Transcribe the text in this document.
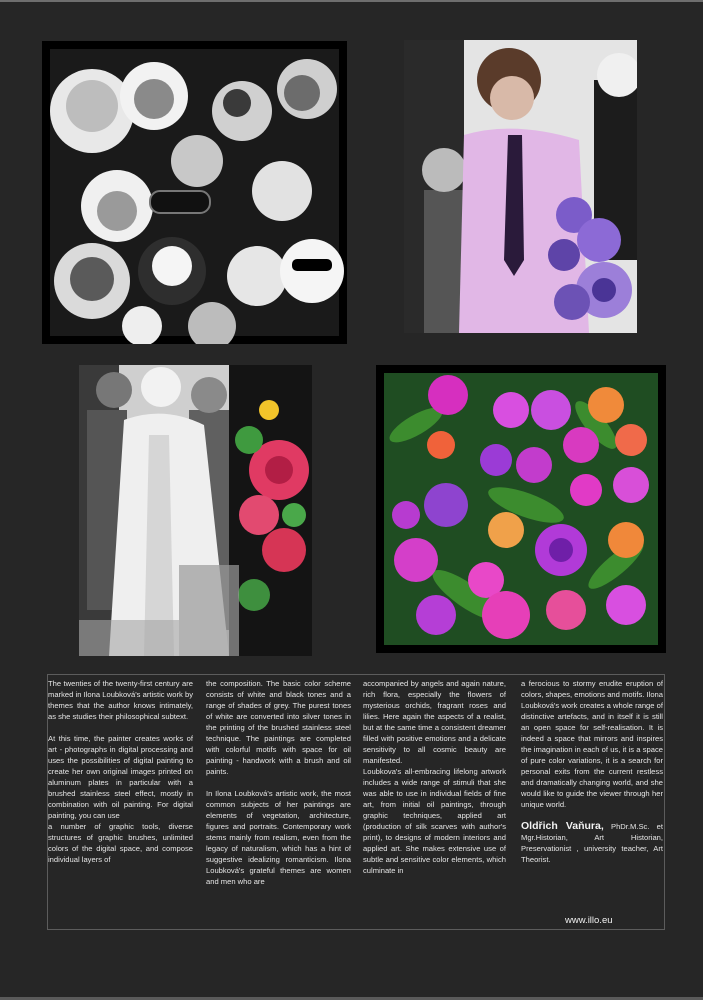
The twenties of the twenty-first century are marked in Ilona Loubková's artistic work by themes that the author knows intimately, as she studies their philosophical subtext.

At this time, the painter creates works of art - photographs in digital processing and uses the possibilities of digital painting to create her own original images printed on aluminum plates in particular with a brushed stainless steel effect, mostly in combination with oil painting. For digital painting, you can use

a number of graphic tools, diverse structures of graphic brushes, unlimited colors of the digital space, and compose individual layers of

the composition. The basic color scheme consists of white and black tones and a range of shades of grey. The purest tones of white are converted into silver tones in the printing of the brushed stainless steel technique. The paintings are completed with colorful motifs with space for oil painting - handwork with a brush and oil paints.

In Ilona Loubková's artistic work, the most common subjects of her paintings are elements of vegetation, architecture, figures and portraits. Contemporary work stems mainly from realism, even from the legacy of naturalism, which has a hint of suggestive idealizing romanticism. Ilona Loubková's grateful themes are women and men who are

accompanied by angels and again nature, rich flora, especially the flowers of mysterious orchids, fragrant roses and lilies. Here again the aspects of a realist, but at the same time a consistent dreamer filled with positive emotions and a delicate sensitivity to all cosmic beauty are manifested.

Loubkova's all-embracing lifelong artwork includes a wide range of stimuli that she was able to use in individual fields of fine art, from initial oil paintings, through graphic techniques, applied art (production of silk scarves with author's print), to designs of modern interiors and applied art. She makes extensive use of subtle and sensitive color elements, which culminate in

a ferocious to stormy erudite eruption of colors, shapes, emotions and motifs. Ilona Loubková's work creates a whole range of distinctive artefacts, and in itself it is still an open space for self-realisation. It is indeed a space that mirrors and inspires the imagination in each of us, it is a space of pure color variations, it is a search for personal exits from the current restless and dramatically changing world, and she would like to guide the viewer through her unique world.

Oldřich Vaňura, PhDr.M.Sc. et Mgr.Historian, Art Historian, Preservationist , university teacher, Art Theorist.

www.illo.eu
